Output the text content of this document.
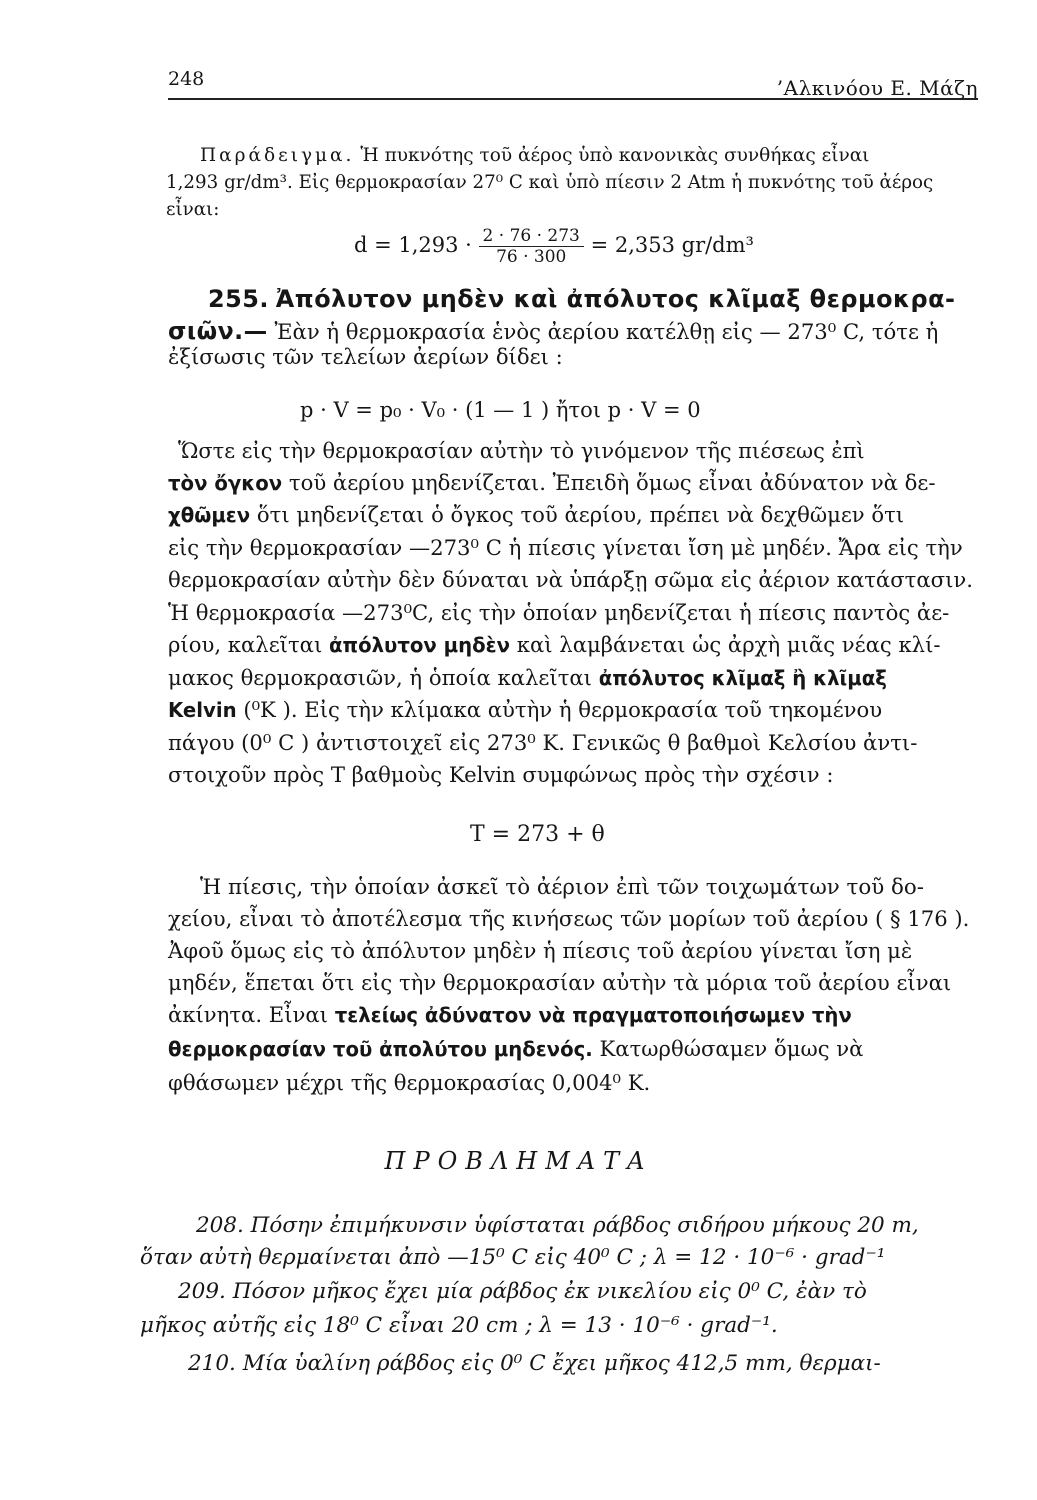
248	’Αλκινόου Ε. Μάζη
Παράδειγμα. Ἡ πυκνότης τοῦ ἀέρος ὑπὸ κανονικὰς συνθήκας εἶναι
1,293 gr/dm³. Εἰς θερμοκρασίαν 27⁰ C καὶ ὑπὸ πίεσιν 2 Atm ἡ πυκνότης τοῦ ἀέρος
εἶναι:
$d = 1,293 \cdot \frac{2 \cdot 76 \cdot 273}{76 \cdot 300} = 2,353$ gr/dm³
255. Ἀπόλυτον μηδὲν καὶ ἀπόλυτος κλῖμαξ θερμοκρα-
σιῶν.— Ἐὰν ἡ θερμοκρασία ἑνὸς ἀερίου κατέλθῃ εἰς — 273⁰ C, τότε ἡ
ἐξίσωσις τῶν τελείων ἀερίων δίδει :
p · V = p₀ · V₀ · (1 — 1 ) ἤτοι p · V = 0
Ὥστε εἰς τὴν θερμοκρασίαν αὐτὴν τὸ γινόμενον τῆς πιέσεως ἐπὶ
τὸν ὄγκον τοῦ ἀερίου μηδενίζεται. Ἐπειδὴ ὅμως εἶναι ἀδύνατον νὰ δε-
χθῶμεν ὅτι μηδενίζεται ὁ ὄγκος τοῦ ἀερίου, πρέπει νὰ δεχθῶμεν ὅτι
εἰς τὴν θερμοκρασίαν —273⁰ C ἡ πίεσις γίνεται ἴση μὲ μηδέν. Ἄρα εἰς τὴν
θερμοκρασίαν αὐτὴν δὲν δύναται νὰ ὑπάρξῃ σῶμα εἰς ἀέριον κατάστασιν.
Ἡ θερμοκρασία —273⁰C, εἰς τὴν ὁποίαν μηδενίζεται ἡ πίεσις παντὸς ἀε-
ρίου, καλεῖται ἀπόλυτον μηδὲν καὶ λαμβάνεται ὡς ἀρχὴ μιᾶς νέας κλί-
μακος θερμοκρασιῶν, ἡ ὁποία καλεῖται ἀπόλυτος κλῖμαξ ἢ κλῖμαξ
Kelvin (⁰K ). Εἰς τὴν κλίμακα αὐτὴν ἡ θερμοκρασία τοῦ τηκομένου
πάγου (0⁰ C ) ἀντιστοιχεῖ εἰς 273⁰ K. Γενικῶς θ βαθμοὶ Κελσίου ἀντι-
στοιχοῦν πρὸς T βαθμοὺς Kelvin συμφώνως πρὸς τὴν σχέσιν :
T = 273 + θ
Ἡ πίεσις, τὴν ὁποίαν ἀσκεῖ τὸ ἀέριον ἐπὶ τῶν τοιχωμάτων τοῦ δο-
χείου, εἶναι τὸ ἀποτέλεσμα τῆς κινήσεως τῶν μορίων τοῦ ἀερίου ( § 176 ).
Ἀφοῦ ὅμως εἰς τὸ ἀπόλυτον μηδὲν ἡ πίεσις τοῦ ἀερίου γίνεται ἴση μὲ
μηδέν, ἕπεται ὅτι εἰς τὴν θερμοκρασίαν αὐτὴν τὰ μόρια τοῦ ἀερίου εἶναι
ἀκίνητα. Εἶναι τελείως ἀδύνατον νὰ πραγματοποιήσωμεν τὴν
θερμοκρασίαν τοῦ ἀπολύτου μηδενός. Κατωρθώσαμεν ὅμως νὰ
φθάσωμεν μέχρι τῆς θερμοκρασίας 0,004⁰ K.
ΠΡΟΒΛΗΜΑΤΑ
208. Πόσην ἐπιμήκυνσιν ὑφίσταται ράβδος σιδήρου μήκους 20 m,
ὅταν αὐτὴ θερμαίνεται ἀπὸ —15⁰ C εἰς 40⁰ C ; λ = 12 · 10⁻⁶ · grad⁻¹
209. Πόσον μῆκος ἔχει μία ράβδος ἐκ νικελίου εἰς 0⁰ C, ἐὰν τὸ
μῆκος αὐτῆς εἰς 18⁰ C εἶναι 20 cm ; λ = 13 · 10⁻⁶ · grad⁻¹.
210. Μία ὑαλίνη ράβδος εἰς 0⁰ C ἔχει μῆκος 412,5 mm, θερμαι-
